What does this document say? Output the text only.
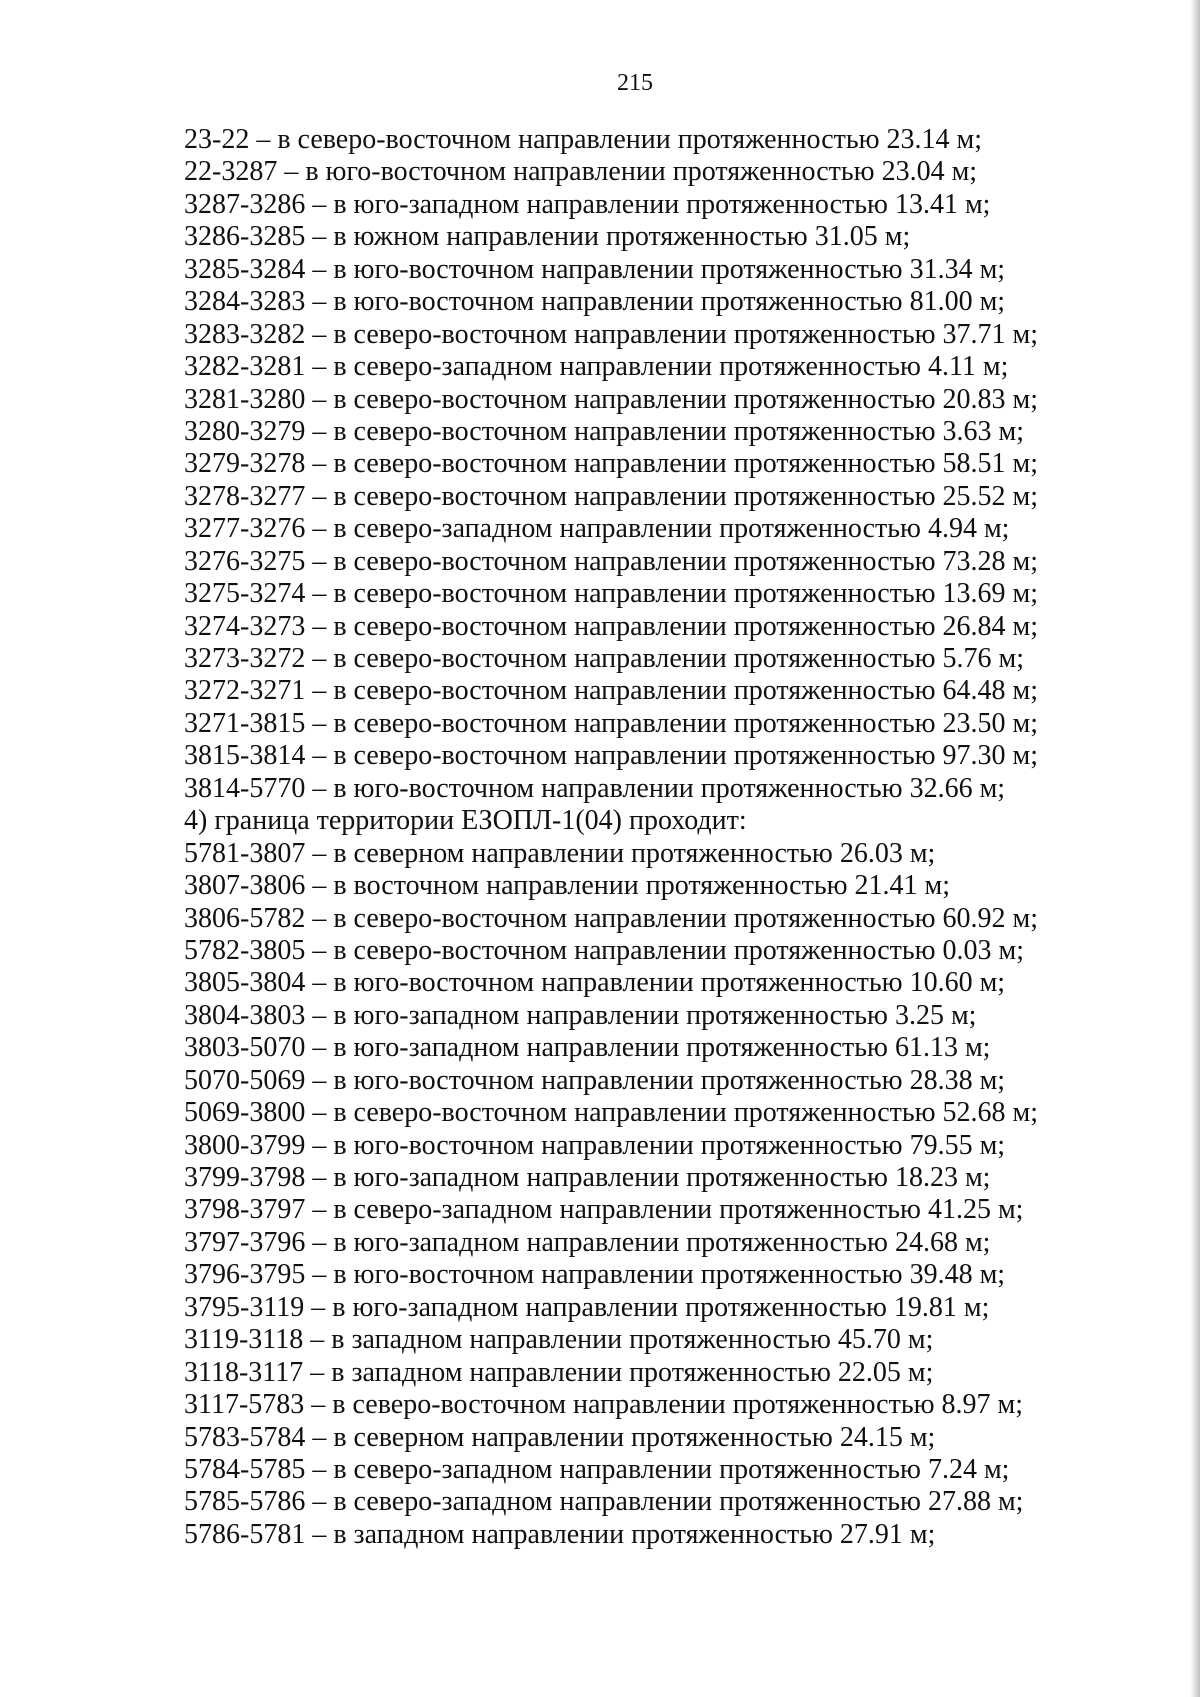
215
23-22 – в северо-восточном направлении протяженностью 23.14 м;
22-3287 – в юго-восточном направлении протяженностью 23.04 м;
3287-3286 – в юго-западном направлении протяженностью 13.41 м;
3286-3285 – в южном направлении протяженностью 31.05 м;
3285-3284 – в юго-восточном направлении протяженностью 31.34 м;
3284-3283 – в юго-восточном направлении протяженностью 81.00 м;
3283-3282 – в северо-восточном направлении протяженностью 37.71 м;
3282-3281 – в северо-западном направлении протяженностью 4.11 м;
3281-3280 – в северо-восточном направлении протяженностью 20.83 м;
3280-3279 – в северо-восточном направлении протяженностью 3.63 м;
3279-3278 – в северо-восточном направлении протяженностью 58.51 м;
3278-3277 – в северо-восточном направлении протяженностью 25.52 м;
3277-3276 – в северо-западном направлении протяженностью 4.94 м;
3276-3275 – в северо-восточном направлении протяженностью 73.28 м;
3275-3274 – в северо-восточном направлении протяженностью 13.69 м;
3274-3273 – в северо-восточном направлении протяженностью 26.84 м;
3273-3272 – в северо-восточном направлении протяженностью 5.76 м;
3272-3271 – в северо-восточном направлении протяженностью 64.48 м;
3271-3815 – в северо-восточном направлении протяженностью 23.50 м;
3815-3814 – в северо-восточном направлении протяженностью 97.30 м;
3814-5770 – в юго-восточном направлении протяженностью 32.66 м;
4) граница территории ЕЗОПЛ-1(04) проходит:
5781-3807 – в северном направлении протяженностью 26.03 м;
3807-3806 – в восточном направлении протяженностью 21.41 м;
3806-5782 – в северо-восточном направлении протяженностью 60.92 м;
5782-3805 – в северо-восточном направлении протяженностью 0.03 м;
3805-3804 – в юго-восточном направлении протяженностью 10.60 м;
3804-3803 – в юго-западном направлении протяженностью 3.25 м;
3803-5070 – в юго-западном направлении протяженностью 61.13 м;
5070-5069 – в юго-восточном направлении протяженностью 28.38 м;
5069-3800 – в северо-восточном направлении протяженностью 52.68 м;
3800-3799 – в юго-восточном направлении протяженностью 79.55 м;
3799-3798 – в юго-западном направлении протяженностью 18.23 м;
3798-3797 – в северо-западном направлении протяженностью 41.25 м;
3797-3796 – в юго-западном направлении протяженностью 24.68 м;
3796-3795 – в юго-восточном направлении протяженностью 39.48 м;
3795-3119 – в юго-западном направлении протяженностью 19.81 м;
3119-3118 – в западном направлении протяженностью 45.70 м;
3118-3117 – в западном направлении протяженностью 22.05 м;
3117-5783 – в северо-восточном направлении протяженностью 8.97 м;
5783-5784 – в северном направлении протяженностью 24.15 м;
5784-5785 – в северо-западном направлении протяженностью 7.24 м;
5785-5786 – в северо-западном направлении протяженностью 27.88 м;
5786-5781 – в западном направлении протяженностью 27.91 м;
